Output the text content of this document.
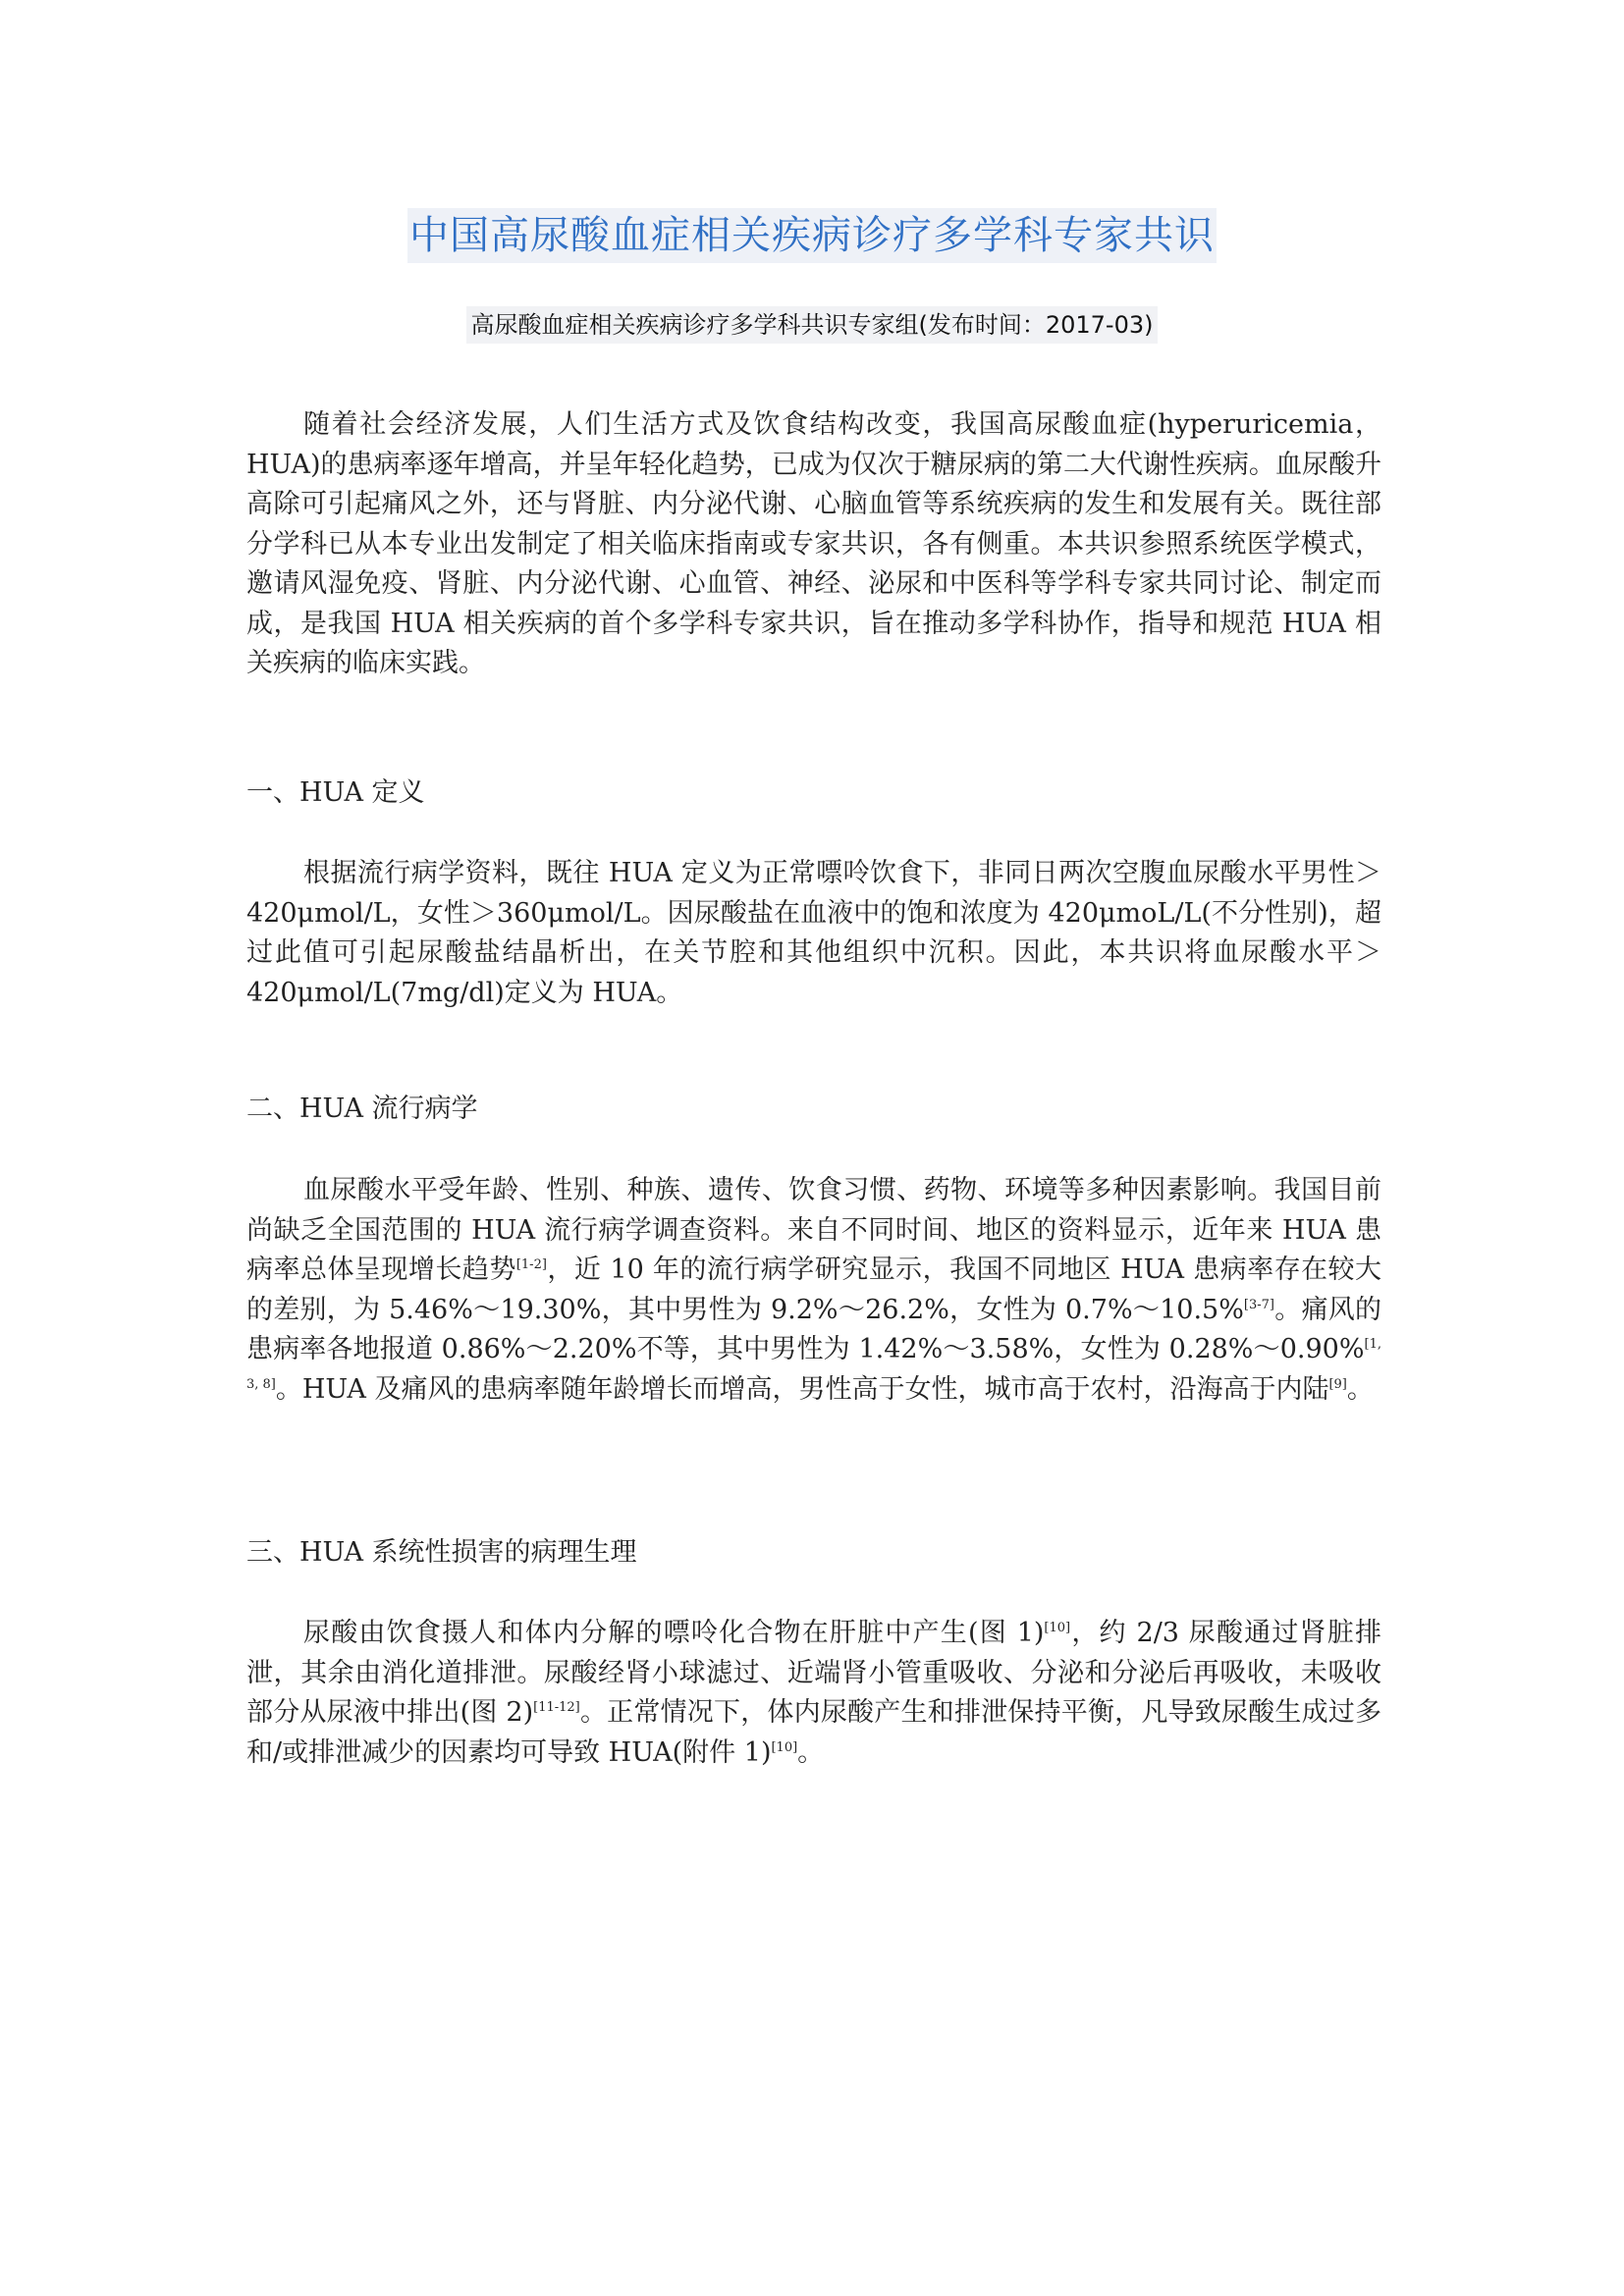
中国高尿酸血症相关疾病诊疗多学科专家共识
高尿酸血症相关疾病诊疗多学科共识专家组(发布时间：2017-03)
随着社会经济发展，人们生活方式及饮食结构改变，我国高尿酸血症(hyperuricemia，HUA)的患病率逐年增高，并呈年轻化趋势，已成为仅次于糖尿病的第二大代谢性疾病。血尿酸升高除可引起痛风之外，还与肾脏、内分泌代谢、心脑血管等系统疾病的发生和发展有关。既往部分学科已从本专业出发制定了相关临床指南或专家共识，各有侧重。本共识参照系统医学模式，邀请风湿免疫、肾脏、内分泌代谢、心血管、神经、泌尿和中医科等学科专家共同讨论、制定而成，是我国 HUA 相关疾病的首个多学科专家共识，旨在推动多学科协作，指导和规范 HUA 相关疾病的临床实践。
一、HUA 定义
根据流行病学资料，既往 HUA 定义为正常嘌呤饮食下，非同日两次空腹血尿酸水平男性＞420μmol/L，女性＞360μmol/L。因尿酸盐在血液中的饱和浓度为 420μmoL/L(不分性别)，超过此值可引起尿酸盐结晶析出，在关节腔和其他组织中沉积。因此，本共识将血尿酸水平＞420μmol/L(7mg/dl)定义为 HUA。
二、HUA 流行病学
血尿酸水平受年龄、性别、种族、遗传、饮食习惯、药物、环境等多种因素影响。我国目前尚缺乏全国范围的 HUA 流行病学调查资料。来自不同时间、地区的资料显示，近年来 HUA 患病率总体呈现增长趋势[1-2]，近 10 年的流行病学研究显示，我国不同地区 HUA 患病率存在较大的差别，为 5.46%～19.30%，其中男性为 9.2%～26.2%，女性为 0.7%～10.5%[3-7]。痛风的患病率各地报道 0.86%～2.20%不等，其中男性为 1.42%～3.58%，女性为 0.28%～0.90%[1, 3, 8]。HUA 及痛风的患病率随年龄增长而增高，男性高于女性，城市高于农村，沿海高于内陆[9]。
三、HUA 系统性损害的病理生理
尿酸由饮食摄人和体内分解的嘌呤化合物在肝脏中产生(图 1)[10]，约 2/3 尿酸通过肾脏排泄，其余由消化道排泄。尿酸经肾小球滤过、近端肾小管重吸收、分泌和分泌后再吸收，未吸收部分从尿液中排出(图 2)[11-12]。正常情况下，体内尿酸产生和排泄保持平衡，凡导致尿酸生成过多和/或排泄减少的因素均可导致 HUA(附件 1)[10]。
